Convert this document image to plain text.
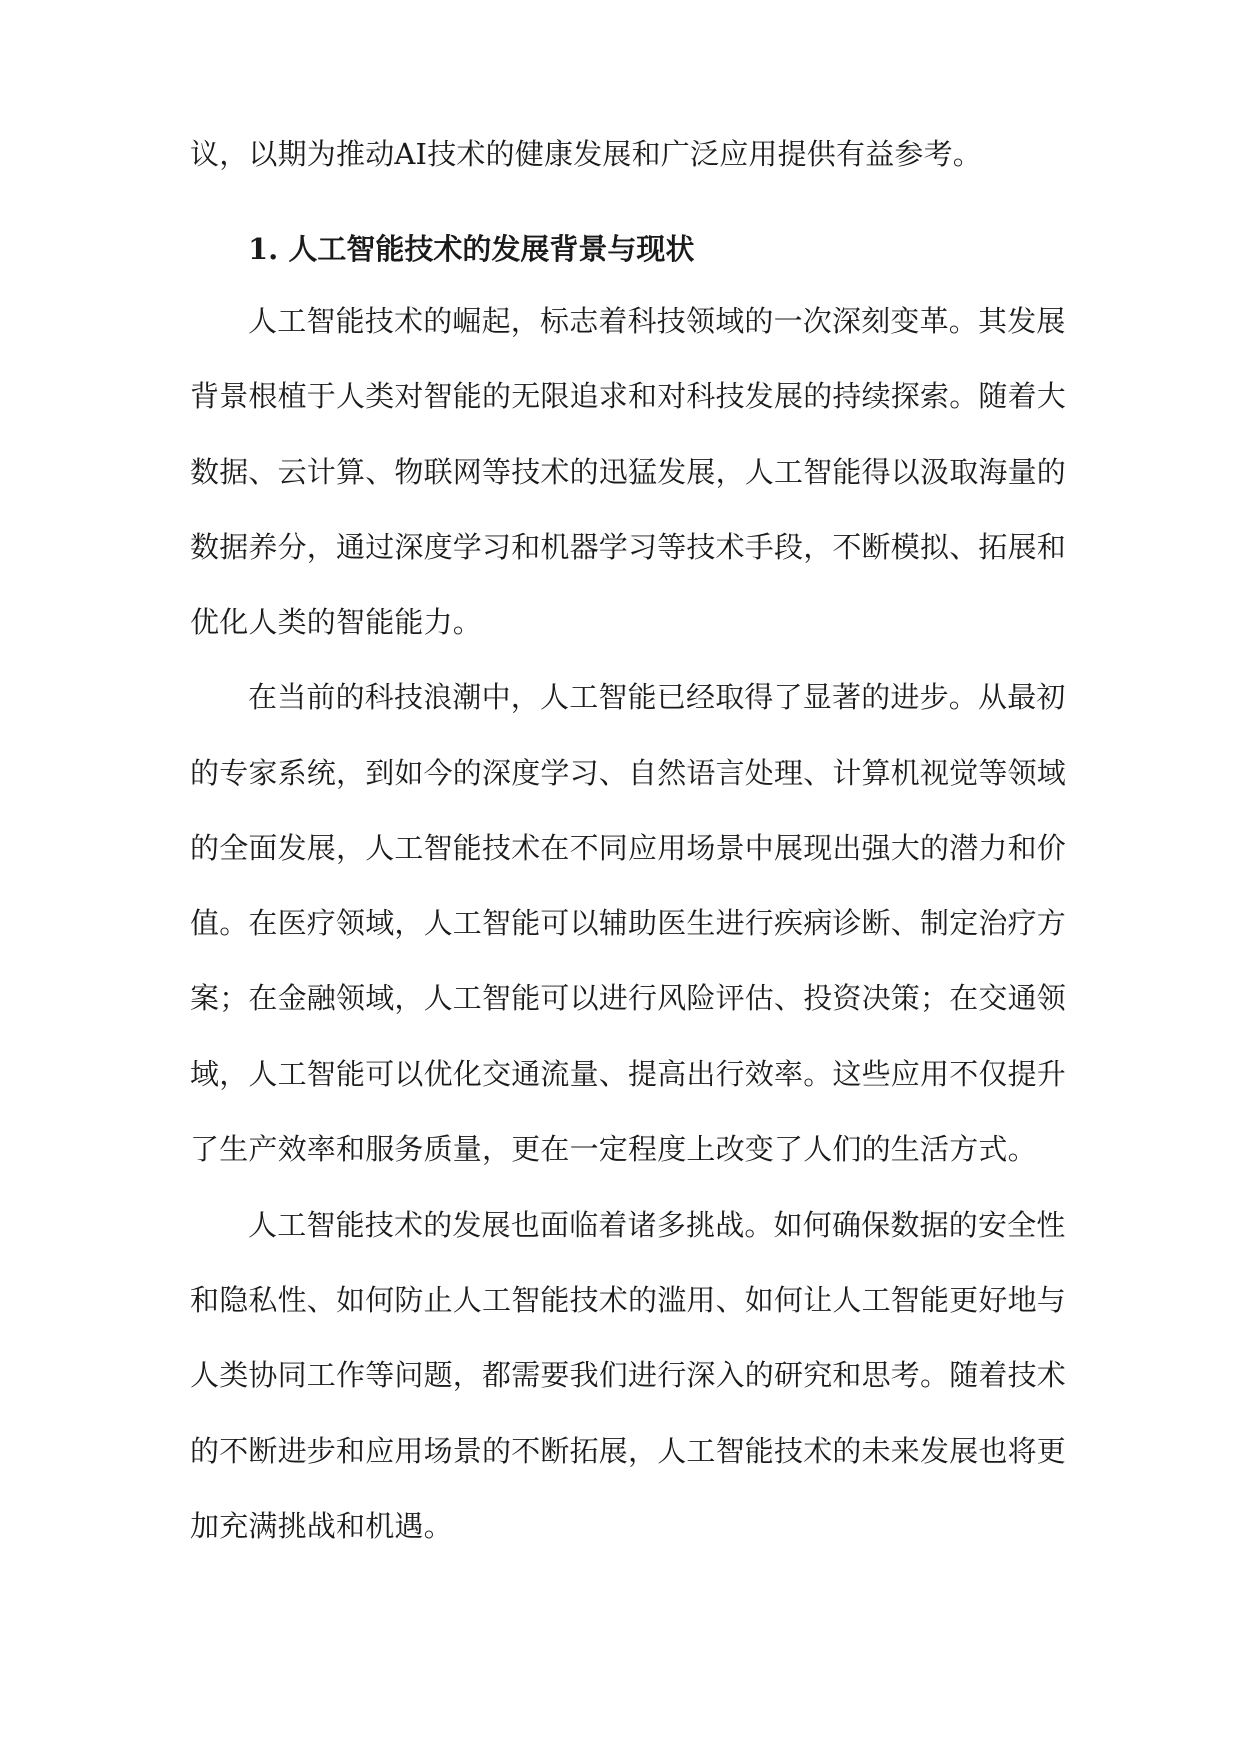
议，以期为推动AI技术的健康发展和广泛应用提供有益参考。
1. 人工智能技术的发展背景与现状
人工智能技术的崛起，标志着科技领域的一次深刻变革。其发展
背景根植于人类对智能的无限追求和对科技发展的持续探索。随着大
数据、云计算、物联网等技术的迅猛发展，人工智能得以汲取海量的
数据养分，通过深度学习和机器学习等技术手段，不断模拟、拓展和
优化人类的智能能力。
在当前的科技浪潮中，人工智能已经取得了显著的进步。从最初
的专家系统，到如今的深度学习、自然语言处理、计算机视觉等领域
的全面发展，人工智能技术在不同应用场景中展现出强大的潜力和价
值。在医疗领域，人工智能可以辅助医生进行疾病诊断、制定治疗方
案；在金融领域，人工智能可以进行风险评估、投资决策；在交通领
域，人工智能可以优化交通流量、提高出行效率。这些应用不仅提升
了生产效率和服务质量，更在一定程度上改变了人们的生活方式。
人工智能技术的发展也面临着诸多挑战。如何确保数据的安全性
和隐私性、如何防止人工智能技术的滥用、如何让人工智能更好地与
人类协同工作等问题，都需要我们进行深入的研究和思考。随着技术
的不断进步和应用场景的不断拓展，人工智能技术的未来发展也将更
加充满挑战和机遇。
